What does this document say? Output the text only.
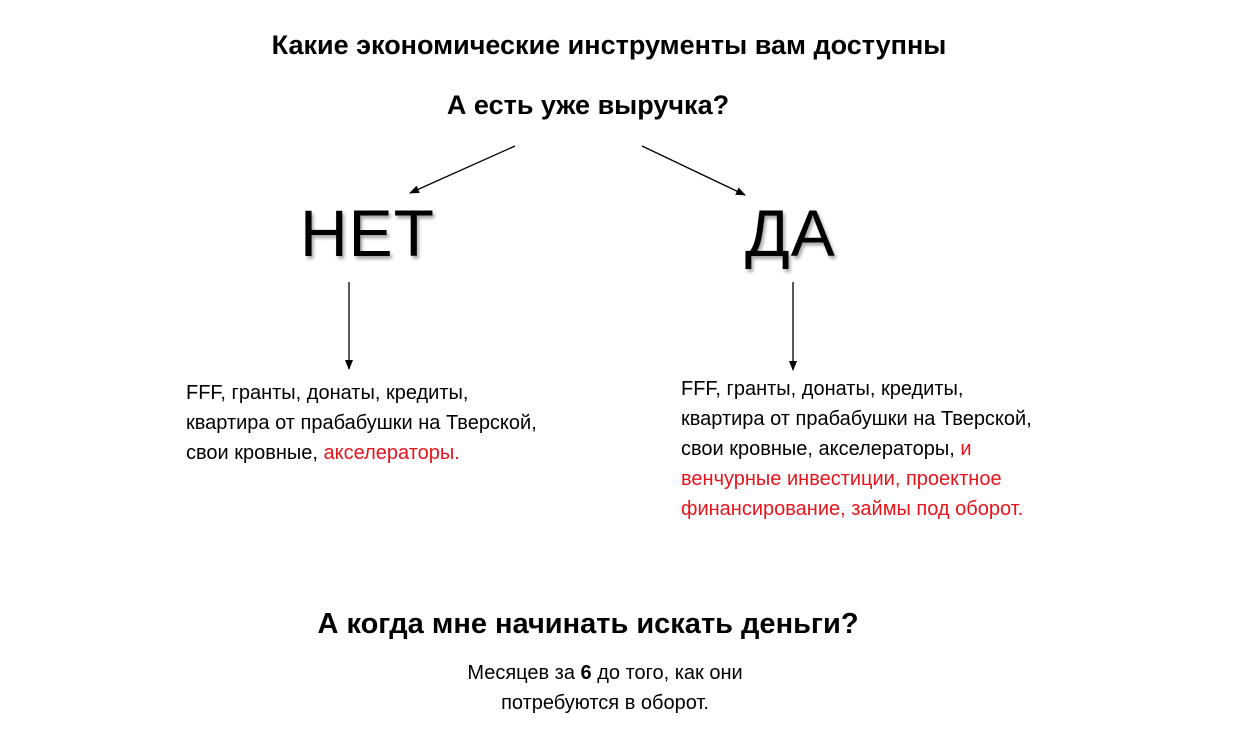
Какие экономические инструменты вам доступны
А есть уже выручка?
НЕТ	ДА
FFF, гранты, донаты, кредиты,
квартира от прабабушки на Тверской,
свои кровные, акселераторы.
FFF, гранты, донаты, кредиты,
квартира от прабабушки на Тверской,
свои кровные, акселераторы, и
венчурные инвестиции, проектное
финансирование, займы под оборот.
А когда мне начинать искать деньги?
Месяцев за 6 до того, как они
потребуются в оборот.
